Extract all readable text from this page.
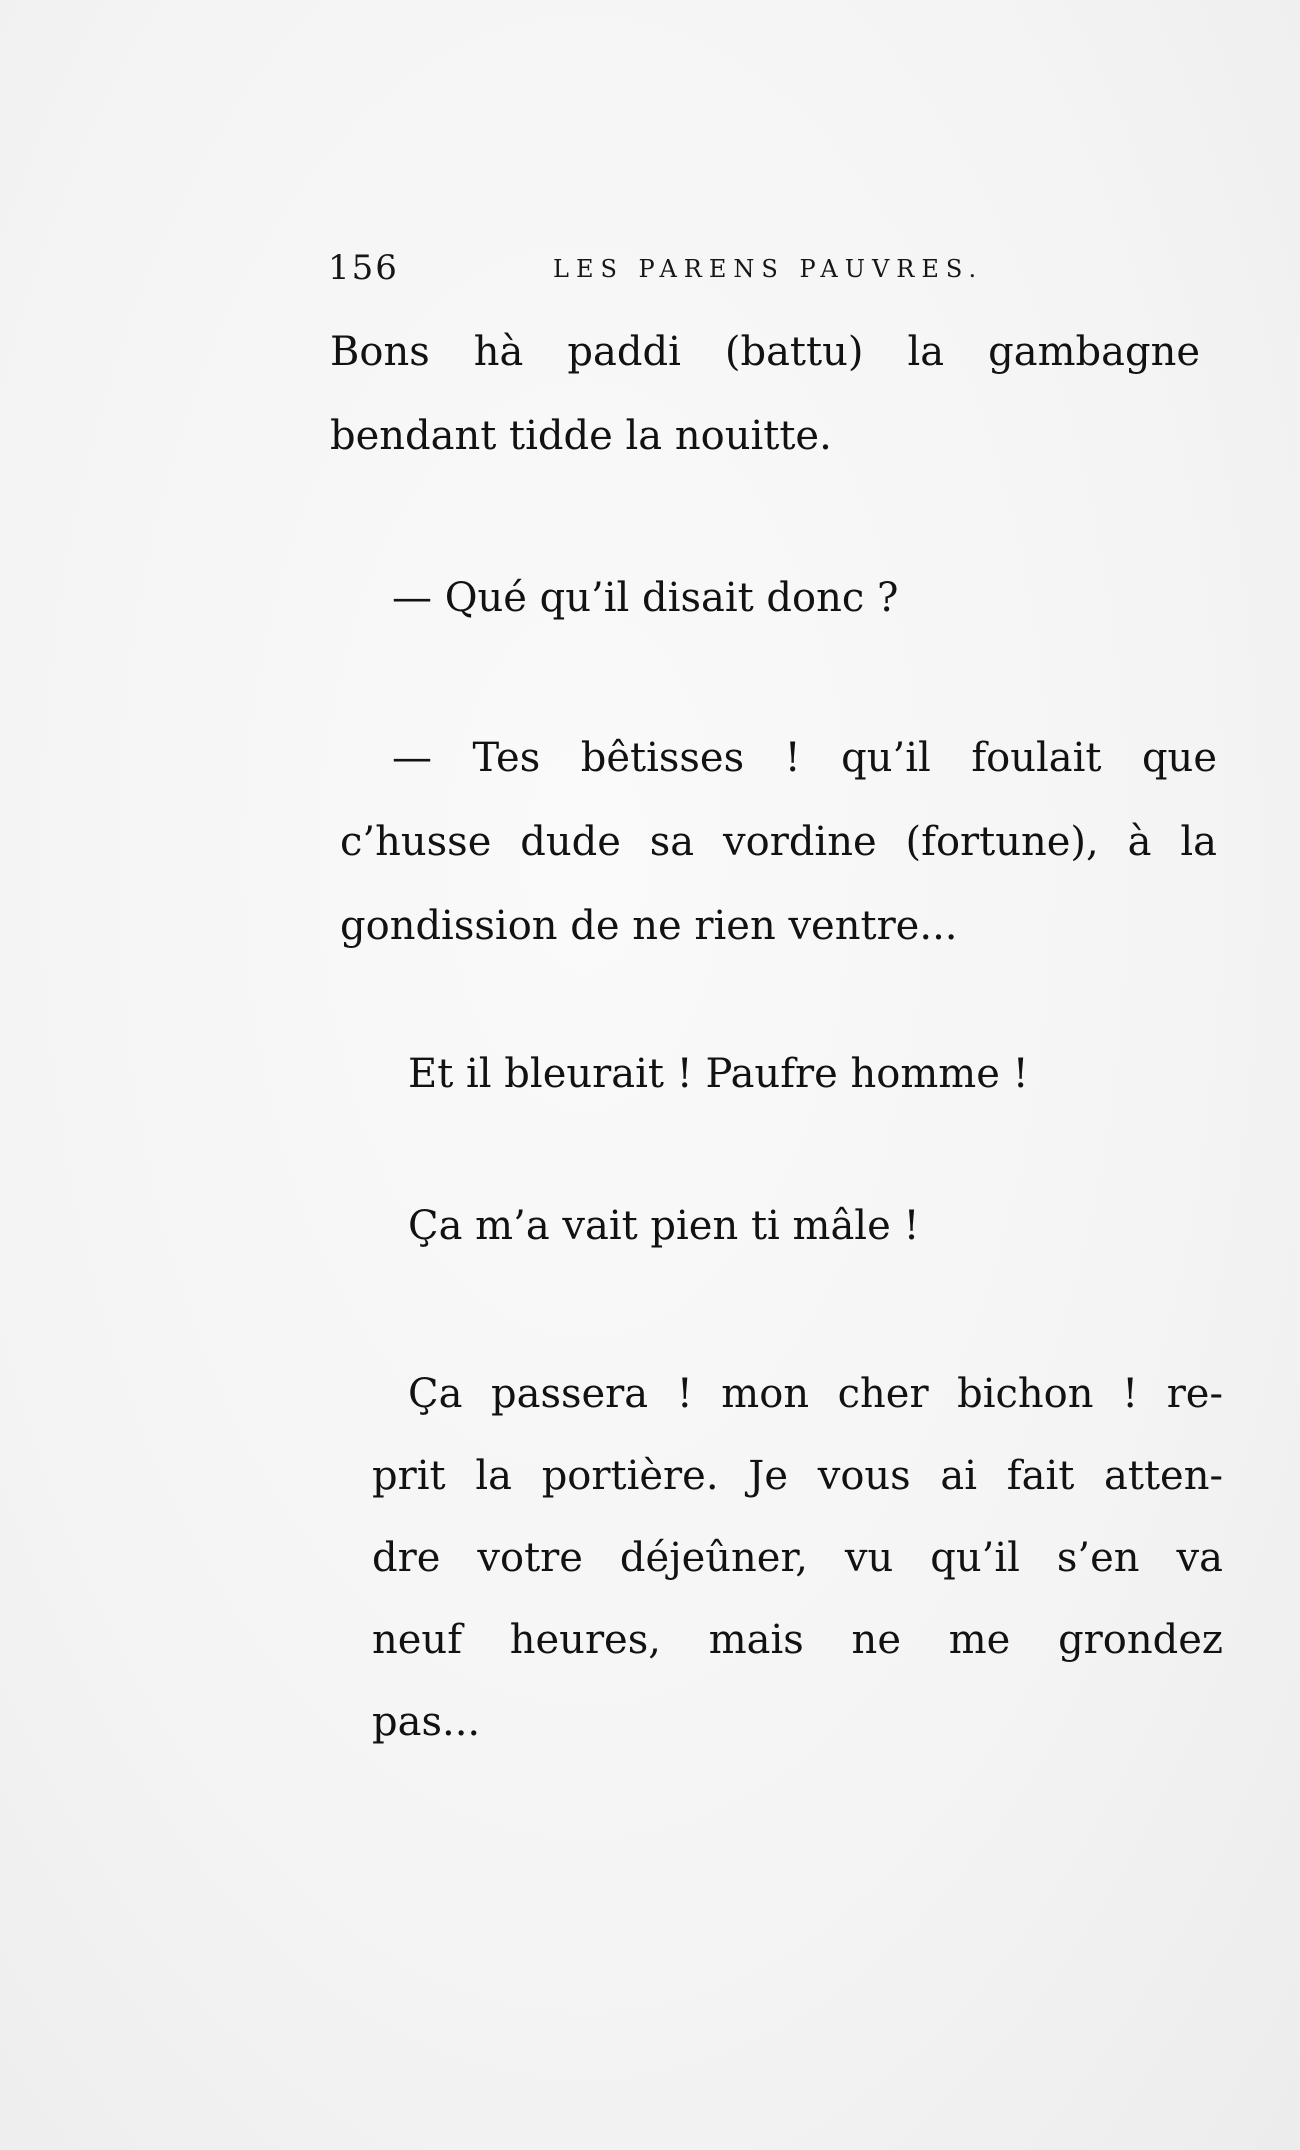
156	LES PARENS PAUVRES.
Bons hà paddi (battu) la gambagne
bendant tidde la nouitte.
— Qué qu’il disait donc ?
— Tes bêtisses ! qu’il foulait que
c’husse dude sa vordine (fortune), à la
gondission de ne rien ventre...
Et il bleurait ! Paufre homme !
Ça m’a vait pien ti mâle !
Ça passera ! mon cher bichon ! re-
prit la portière. Je vous ai fait atten-
dre votre déjeûner, vu qu’il s’en va
neuf heures, mais ne me grondez
pas...
